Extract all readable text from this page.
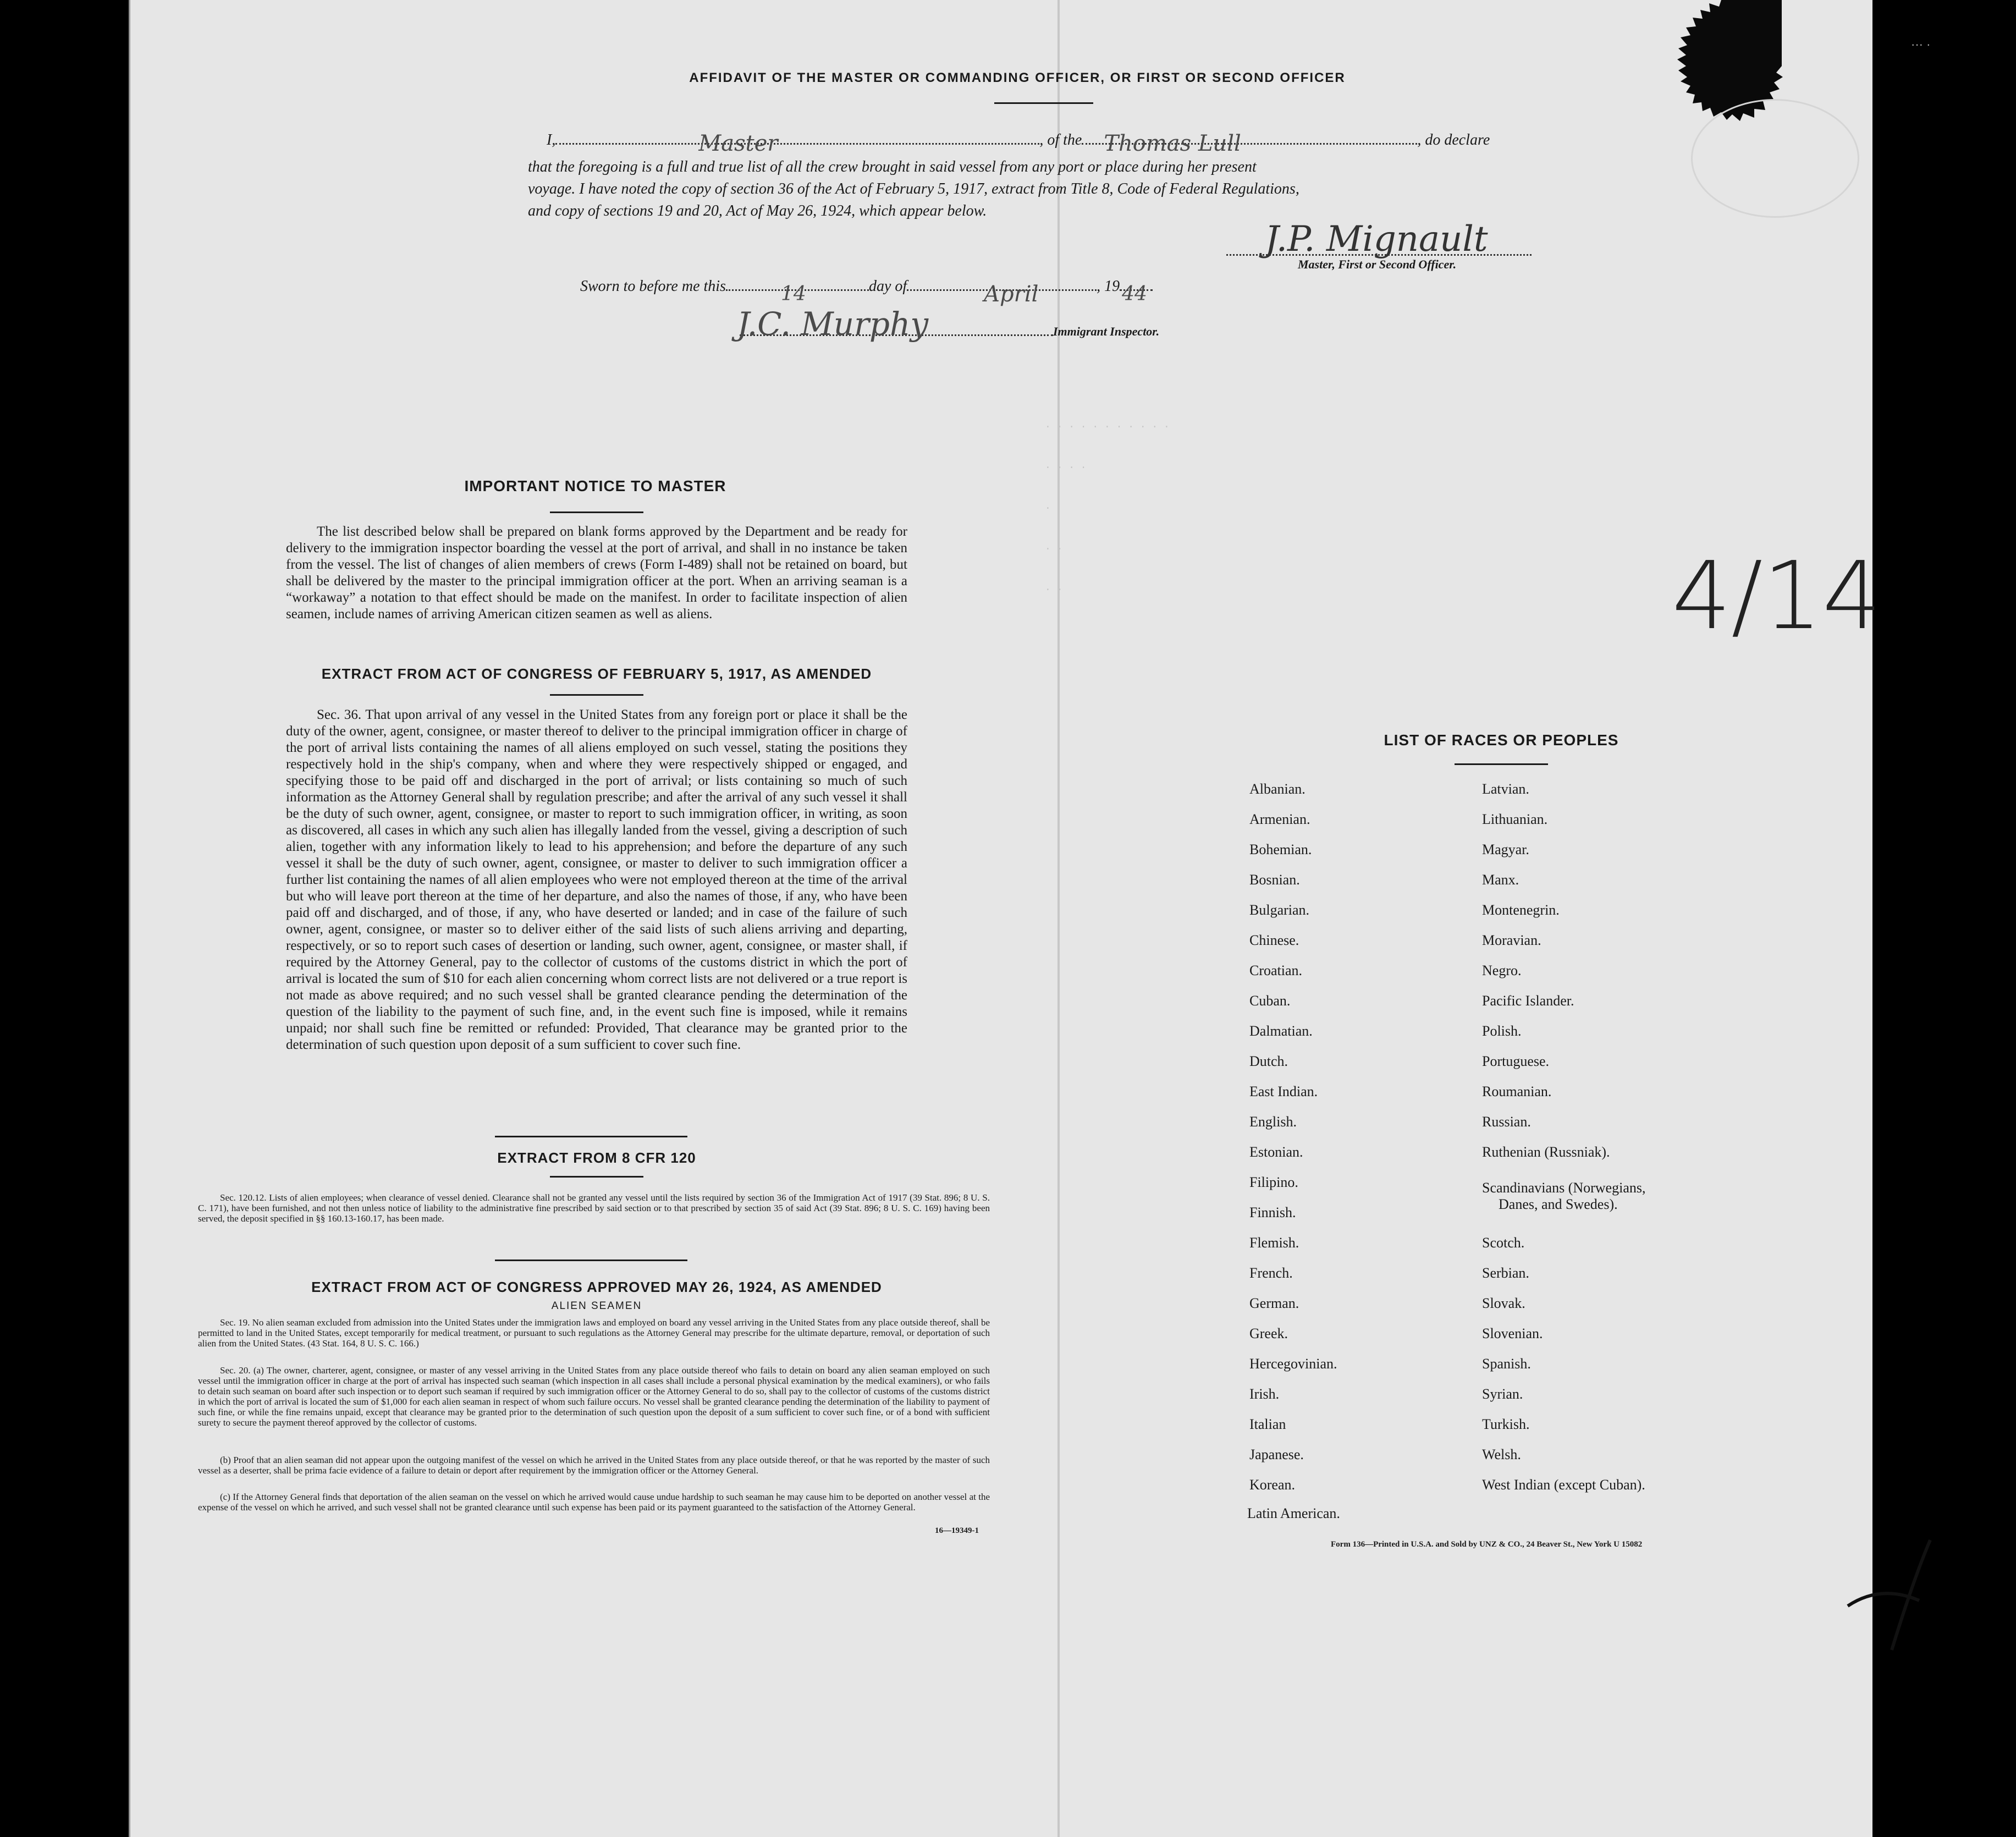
··· ·
· · · · · · · · · · ·
· · · ·
·
· ·
· ·
AFFIDAVIT OF THE MASTER OR COMMANDING OFFICER, OR FIRST OR SECOND OFFICER
I,	Master	, of the Thomas Lull	, do declare
that the foregoing is a full and true list of all the crew brought in said vessel from any port or place during her present
voyage. I have noted the copy of section 36 of the Act of February 5, 1917, extract from Title 8, Code of Federal Regulations,
and copy of sections 19 and 20, Act of May 26, 1924, which appear below.
J.P. Mignault
Master, First or Second Officer.
Sworn to before me this	14	day of	April	, 19 44
J.C. Murphy	Immigrant Inspector.
4/14
IMPORTANT NOTICE TO MASTER
The list described below shall be prepared on blank forms approved by the Department and be ready for delivery to the immigration inspector boarding the vessel at the port of arrival, and shall in no instance be taken from the vessel. The list of changes of alien members of crews (Form I-489) shall not be retained on board, but shall be delivered by the master to the principal immigration officer at the port. When an arriving seaman is a “workaway” a notation to that effect should be made on the manifest. In order to facilitate inspection of alien seamen, include names of arriving American citizen seamen as well as aliens.
EXTRACT FROM ACT OF CONGRESS OF FEBRUARY 5, 1917, AS AMENDED
Sec. 36. That upon arrival of any vessel in the United States from any foreign port or place it shall be the duty of the owner, agent, consignee, or master thereof to deliver to the principal immigration officer in charge of the port of arrival lists containing the names of all aliens employed on such vessel, stating the positions they respectively hold in the ship's company, when and where they were respectively shipped or engaged, and specifying those to be paid off and discharged in the port of arrival; or lists containing so much of such information as the Attorney General shall by regulation prescribe; and after the arrival of any such vessel it shall be the duty of such owner, agent, consignee, or master to report to such immigration officer, in writing, as soon as discovered, all cases in which any such alien has illegally landed from the vessel, giving a description of such alien, together with any information likely to lead to his apprehension; and before the departure of any such vessel it shall be the duty of such owner, agent, consignee, or master to deliver to such immigration officer a further list containing the names of all alien employees who were not employed thereon at the time of the arrival but who will leave port thereon at the time of her departure, and also the names of those, if any, who have been paid off and discharged, and of those, if any, who have deserted or landed; and in case of the failure of such owner, agent, consignee, or master so to deliver either of the said lists of such aliens arriving and departing, respectively, or so to report such cases of desertion or landing, such owner, agent, consignee, or master shall, if required by the Attorney General, pay to the collector of customs of the customs district in which the port of arrival is located the sum of $10 for each alien concerning whom correct lists are not delivered or a true report is not made as above required; and no such vessel shall be granted clearance pending the determination of the question of the liability to the payment of such fine, and, in the event such fine is imposed, while it remains unpaid; nor shall such fine be remitted or refunded: Provided, That clearance may be granted prior to the determination of such question upon deposit of a sum sufficient to cover such fine.
EXTRACT FROM 8 CFR 120
Sec. 120.12. Lists of alien employees; when clearance of vessel denied. Clearance shall not be granted any vessel until the lists required by section 36 of the Immigration Act of 1917 (39 Stat. 896; 8 U. S. C. 171), have been furnished, and not then unless notice of liability to the administrative fine prescribed by said section or to that prescribed by section 35 of said Act (39 Stat. 896; 8 U. S. C. 169) having been served, the deposit specified in §§ 160.13-160.17, has been made.
EXTRACT FROM ACT OF CONGRESS APPROVED MAY 26, 1924, AS AMENDED
ALIEN SEAMEN
Sec. 19. No alien seaman excluded from admission into the United States under the immigration laws and employed on board any vessel arriving in the United States from any place outside thereof, shall be permitted to land in the United States, except temporarily for medical treatment, or pursuant to such regulations as the Attorney General may prescribe for the ultimate departure, removal, or deportation of such alien from the United States. (43 Stat. 164, 8 U. S. C. 166.)
Sec. 20. (a) The owner, charterer, agent, consignee, or master of any vessel arriving in the United States from any place outside thereof who fails to detain on board any alien seaman employed on such vessel until the immigration officer in charge at the port of arrival has inspected such seaman (which inspection in all cases shall include a personal physical examination by the medical examiners), or who fails to detain such seaman on board after such inspection or to deport such seaman if required by such immigration officer or the Attorney General to do so, shall pay to the collector of customs of the customs district in which the port of arrival is located the sum of $1,000 for each alien seaman in respect of whom such failure occurs. No vessel shall be granted clearance pending the determination of the liability to payment of such fine, or while the fine remains unpaid, except that clearance may be granted prior to the determination of such question upon the deposit of a sum sufficient to cover such fine, or of a bond with sufficient surety to secure the payment thereof approved by the collector of customs.
(b) Proof that an alien seaman did not appear upon the outgoing manifest of the vessel on which he arrived in the United States from any place outside thereof, or that he was reported by the master of such vessel as a deserter, shall be prima facie evidence of a failure to detain or deport after requirement by the immigration officer or the Attorney General.
(c) If the Attorney General finds that deportation of the alien seaman on the vessel on which he arrived would cause undue hardship to such seaman he may cause him to be deported on another vessel at the expense of the vessel on which he arrived, and such vessel shall not be granted clearance until such expense has been paid or its payment guaranteed to the satisfaction of the Attorney General.
16—19349-1
LIST OF RACES OR PEOPLES
Albanian.
Armenian.
Bohemian.
Bosnian.
Bulgarian.
Chinese.
Croatian.
Cuban.
Dalmatian.
Dutch.
East Indian.
English.
Estonian.
Filipino.
Finnish.
Flemish.
French.
German.
Greek.
Hercegovinian.
Irish.
Italian
Japanese.
Korean.
Latin American.
Latvian.
Lithuanian.
Magyar.
Manx.
Montenegrin.
Moravian.
Negro.
Pacific Islander.
Polish.
Portuguese.
Roumanian.
Russian.
Ruthenian (Russniak).
Scandinavians (Norwegians,
Danes, and Swedes).
Scotch.
Serbian.
Slovak.
Slovenian.
Spanish.
Syrian.
Turkish.
Welsh.
West Indian (except Cuban).
Form 136—Printed in U.S.A. and Sold by UNZ & CO., 24 Beaver St., New York U 15082
